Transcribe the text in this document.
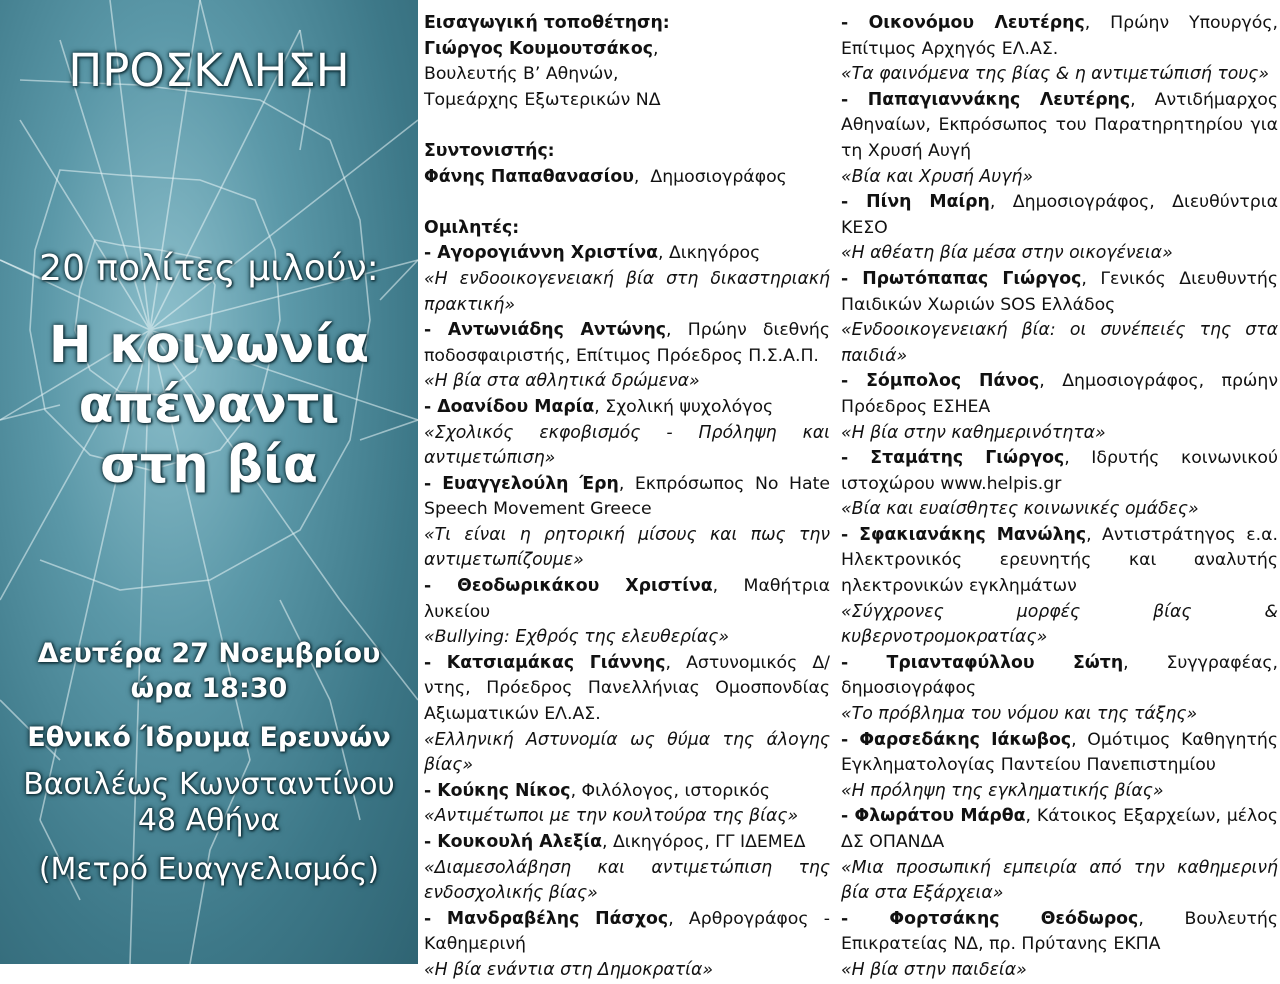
ΠΡΟΣΚΛΗΣΗ

20 πολίτες μιλούν:

Η κοινωνία
απέναντι
στη βία

Δευτέρα 27 Νοεμβρίου

ώρα 18:30

Εθνικό Ίδρυμα Ερευνών

Βασιλέως Κωνσταντίνου
48 Αθήνα

(Μετρό Ευαγγελισμός)

Εισαγωγική τοποθέτηση:

Γιώργος Κουμουτσάκος,

Βουλευτής Β’ Αθηνών,

Τομεάρχης Εξωτερικών ΝΔ

Συντονιστής:

Φάνης Παπαθανασίου,  Δημοσιογράφος

Ομιλητές:

- Αγορογιάννη Χριστίνα, Δικηγόρος

«Η ενδοοικογενειακή βία στη δικαστηριακή πρακτική»

- Αντωνιάδης Αντώνης, Πρώην διεθνής ποδοσφαιριστής, Επίτιμος Πρόεδρος Π.Σ.Α.Π.

«Η βία στα αθλητικά δρώμενα»

- Δοανίδου Μαρία, Σχολική ψυχολόγος

«Σχολικός εκφοβισμός - Πρόληψη και αντιμετώπιση»

- Ευαγγελούλη Έρη, Εκπρόσωπος No Hate Speech Movement Greece

«Τι είναι η ρητορική μίσους και πως την αντιμετωπίζουμε»

- Θεοδωρικάκου Χριστίνα, Μαθήτρια λυκείου

«Bullying: Εχθρός της ελευθερίας»

- Κατσιαμάκας Γιάννης, Αστυνομικός Δ/ντης, Πρόεδρος Πανελλήνιας Ομοσπονδίας Αξιωματικών ΕΛ.ΑΣ.

«Ελληνική Αστυνομία ως θύμα της άλογης βίας»

- Κούκης Νίκος, Φιλόλογος, ιστορικός

«Αντιμέτωποι με την κουλτούρα της βίας»

- Κουκουλή Αλεξία, Δικηγόρος, ΓΓ ΙΔΕΜΕΔ

«Διαμεσολάβηση και αντιμετώπιση της ενδοσχολικής βίας»

- Μανδραβέλης Πάσχος, Αρθρογράφος - Καθημερινή

«Η βία ενάντια στη Δημοκρατία»

- Οικονόμου Λευτέρης, Πρώην Υπουργός, Επίτιμος Αρχηγός ΕΛ.ΑΣ.

«Τα φαινόμενα της βίας & η αντιμετώπισή τους»

- Παπαγιαννάκης Λευτέρης, Αντιδήμαρχος Αθηναίων, Εκπρόσωπος του Παρατηρητηρίου για τη Χρυσή Αυγή

«Βία και Χρυσή Αυγή»

- Πίνη Μαίρη, Δημοσιογράφος, Διευθύντρια ΚΕΣΟ

«Η αθέατη βία μέσα στην οικογένεια»

- Πρωτόπαπας Γιώργος, Γενικός Διευθυντής Παιδικών Χωριών SOS Ελλάδος

«Ενδοοικογενειακή βία: οι συνέπειές της στα παιδιά»

- Σόμπολος Πάνος, Δημοσιογράφος, πρώην Πρόεδρος ΕΣΗΕΑ

«Η βία στην καθημερινότητα»

- Σταμάτης Γιώργος, Ιδρυτής κοινωνικού ιστοχώρου www.helpis.gr

«Βία και ευαίσθητες κοινωνικές ομάδες»

- Σφακιανάκης Μανώλης, Αντιστράτηγος ε.α. Ηλεκτρονικός ερευνητής και αναλυτής ηλεκτρονικών εγκλημάτων

«Σύγχρονες μορφές βίας & κυβερνοτρομοκρατίας»

- Τριανταφύλλου Σώτη, Συγγραφέας, δημοσιογράφος

«Το πρόβλημα του νόμου και της τάξης»

- Φαρσεδάκης Ιάκωβος, Ομότιμος Καθηγητής Εγκληματολογίας Παντείου Πανεπιστημίου

«Η πρόληψη της εγκληματικής βίας»

- Φλωράτου Μάρθα, Κάτοικος Εξαρχείων, μέλος ΔΣ ΟΠΑΝΔΑ

«Μια προσωπική εμπειρία από την καθημερινή βία στα Εξάρχεια»

- Φορτσάκης Θεόδωρος, Βουλευτής Επικρατείας ΝΔ, πρ. Πρύτανης ΕΚΠΑ

«Η βία στην παιδεία»
